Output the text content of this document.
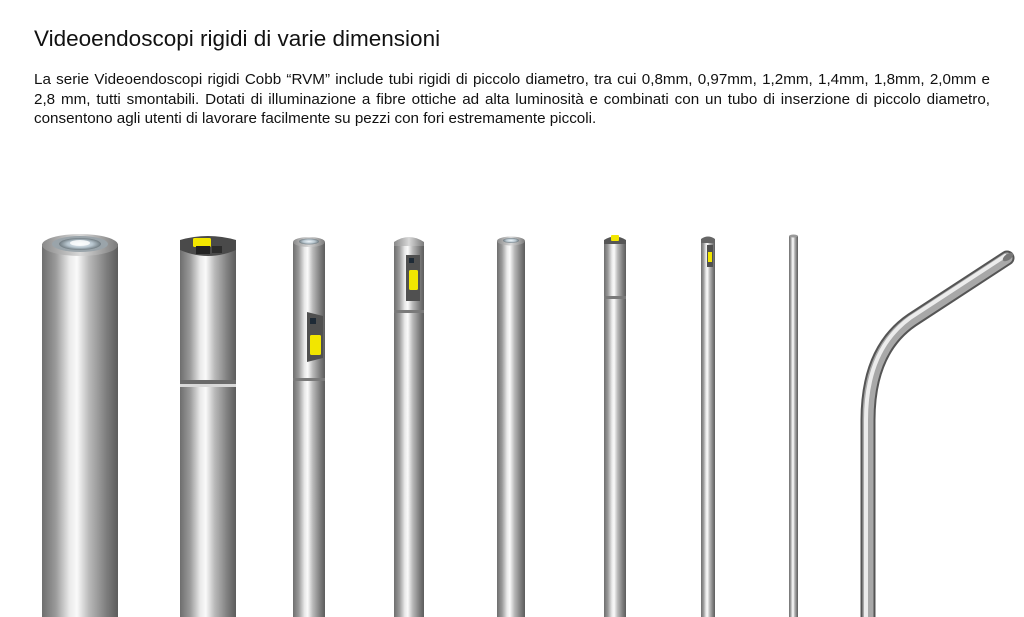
Videoendoscopi rigidi di varie dimensioni

La serie Videoendoscopi rigidi Cobb “RVM” include tubi rigidi di piccolo diametro, tra cui 0,8mm, 0,97mm, 1,2mm, 1,4mm, 1,8mm, 2,0mm e 2,8 mm, tutti smontabili. Dotati di illuminazione a fibre ottiche ad alta luminosità e combinati con un tubo di inserzione di piccolo diametro, consentono agli utenti di lavorare facilmente su pezzi con fori estremamente piccoli.
